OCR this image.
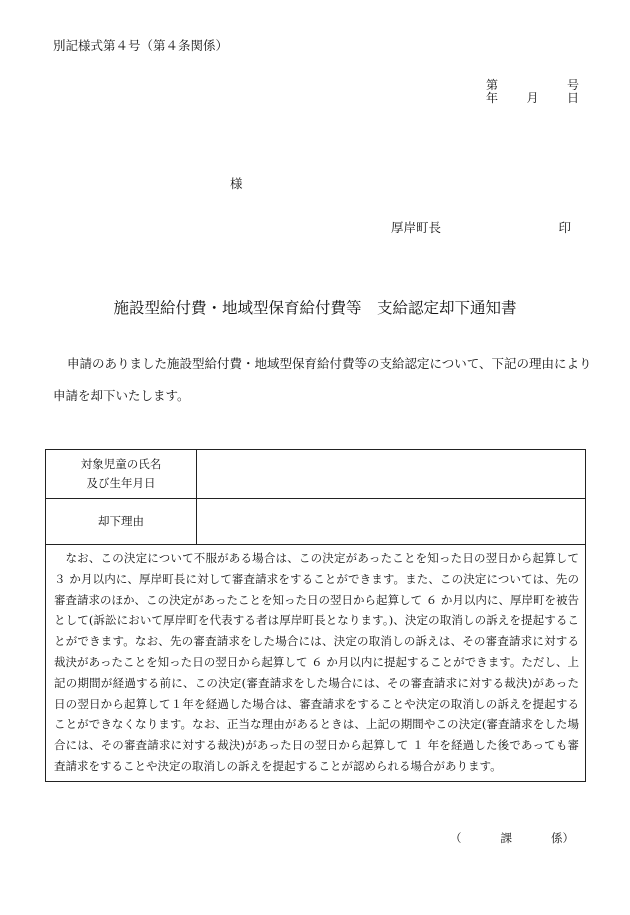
別記様式第４号（第４条関係）
第	号
年 月 日
様
厚岸町長	印
施設型給付費・地域型保育給付費等　支給認定却下通知書
申請のありました施設型給付費・地域型保育給付費等の支給認定について、下記の理由により
申請を却下いたします。
対象児童の氏名
及び生年月日	

却下理由	
なお、この決定について不服がある場合は、この決定があったことを知った日の翌日から起算して ３ か月以内に、厚岸町長に対して審査請求をすることができます。また、この決定については、先の審査請求のほか、この決定があったことを知った日の翌日から起算して ６ か月以内に、厚岸町を被告として(訴訟において厚岸町を代表する者は厚岸町長となります。)、決定の取消しの訴えを提起することができます。なお、先の審査請求をした場合には、決定の取消しの訴えは、その審査請求に対する裁決があったことを知った日の翌日から起算して ６ か月以内に提起することができます。ただし、上記の期間が経過する前に、この決定(審査請求をした場合には、その審査請求に対する裁決)があった日の翌日から起算して１年を経過した場合は、審査請求をすることや決定の取消しの訴えを提起することができなくなります。なお、正当な理由があるときは、上記の期間やこの決定(審査請求をした場合には、その審査請求に対する裁決)があった日の翌日から起算して １ 年を経過した後であっても審査請求をすることや決定の取消しの訴えを提起することが認められる場合があります。	
（	課	係）
